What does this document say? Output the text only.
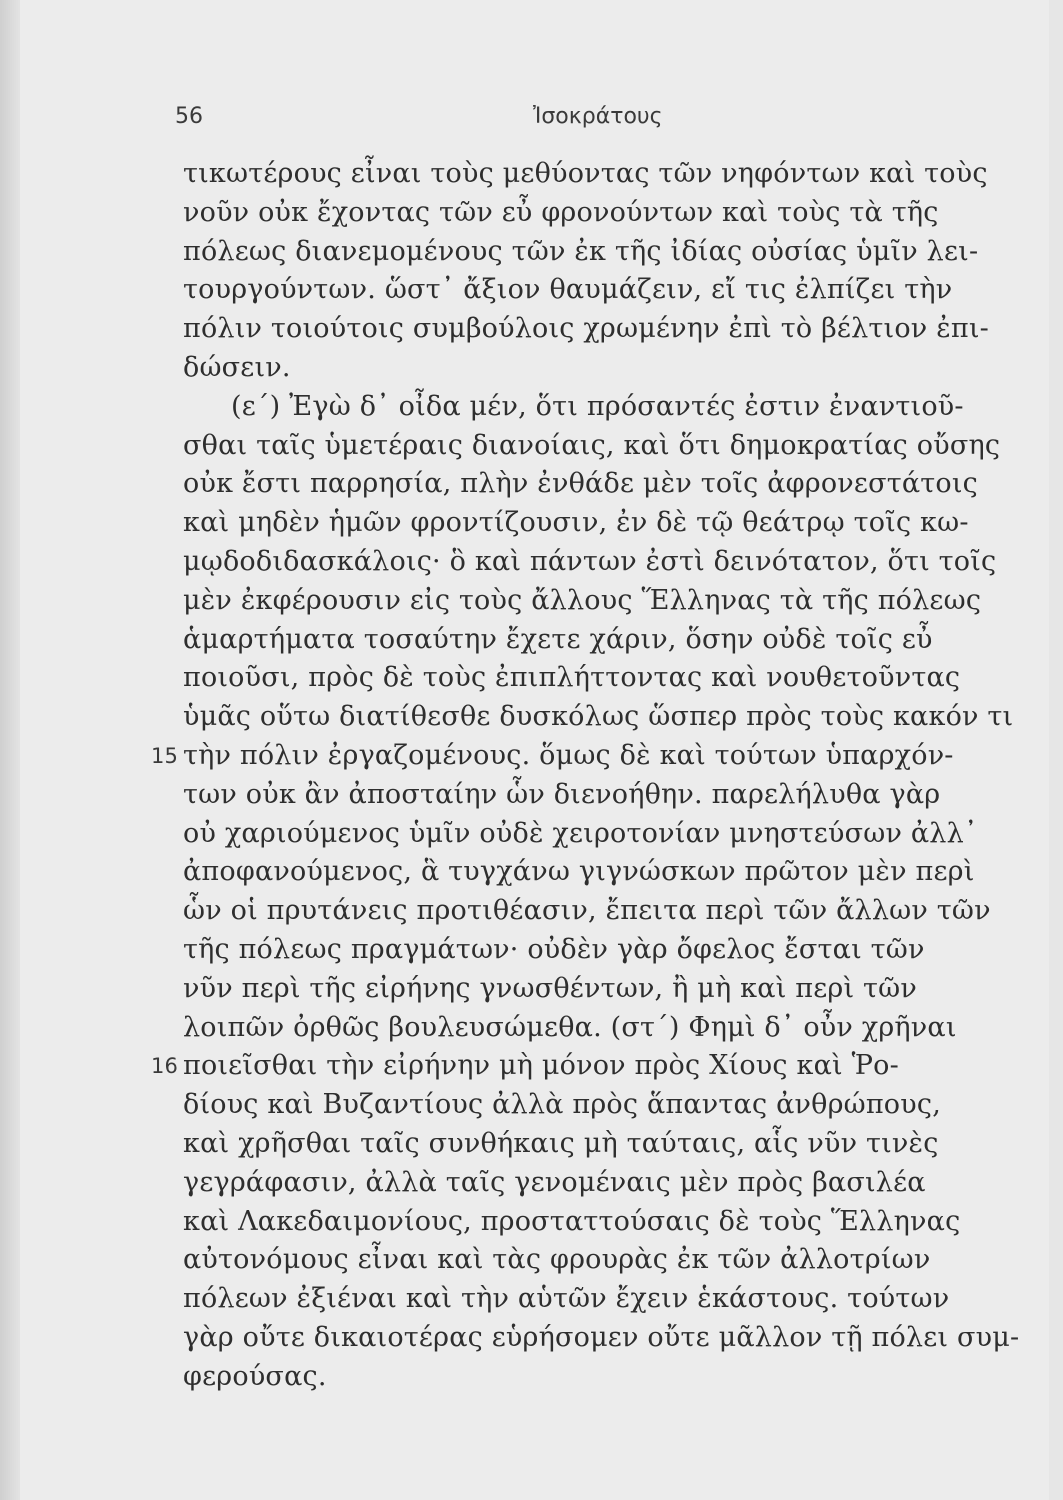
56	Ἰσοκράτους
τικωτέρους εἶναι τοὺς μεθύοντας τῶν νηφόντων καὶ τοὺς
νοῦν οὐκ ἔχοντας τῶν εὖ φρονούντων καὶ τοὺς τὰ τῆς
πόλεως διανεμομένους τῶν ἐκ τῆς ἰδίας οὐσίας ὑμῖν λει-
τουργούντων. ὥστ᾽ ἄξιον θαυμάζειν, εἴ τις ἐλπίζει τὴν
πόλιν τοιούτοις συμβούλοις χρωμένην ἐπὶ τὸ βέλτιον ἐπι-
δώσειν.
(ε΄) Ἐγὼ δ᾽ οἶδα μέν, ὅτι πρόσαντές ἐστιν ἐναντιοῦ-
σθαι ταῖς ὑμετέραις διανοίαις, καὶ ὅτι δημοκρατίας οὔσης
οὐκ ἔστι παρρησία, πλὴν ἐνθάδε μὲν τοῖς ἀφρονεστάτοις
καὶ μηδὲν ἡμῶν φροντίζουσιν, ἐν δὲ τῷ θεάτρῳ τοῖς κω-
μῳδοδιδασκάλοις· ὃ καὶ πάντων ἐστὶ δεινότατον, ὅτι τοῖς
μὲν ἐκφέρουσιν εἰς τοὺς ἄλλους Ἕλληνας τὰ τῆς πόλεως
ἁμαρτήματα τοσαύτην ἔχετε χάριν, ὅσην οὐδὲ τοῖς εὖ
ποιοῦσι, πρὸς δὲ τοὺς ἐπιπλήττοντας καὶ νουθετοῦντας
ὑμᾶς οὕτω διατίθεσθε δυσκόλως ὥσπερ πρὸς τοὺς κακόν τι
15 τὴν πόλιν ἐργαζομένους. ὅμως δὲ καὶ τούτων ὑπαρχόν-
των οὐκ ἂν ἀποσταίην ὧν διενοήθην. παρελήλυθα γὰρ
οὐ χαριούμενος ὑμῖν οὐδὲ χειροτονίαν μνηστεύσων ἀλλ᾽
ἀποφανούμενος, ἃ τυγχάνω γιγνώσκων πρῶτον μὲν περὶ
ὧν οἱ πρυτάνεις προτιθέασιν, ἔπειτα περὶ τῶν ἄλλων τῶν
τῆς πόλεως πραγμάτων· οὐδὲν γὰρ ὄφελος ἔσται τῶν
νῦν περὶ τῆς εἰρήνης γνωσθέντων, ἢ μὴ καὶ περὶ τῶν
λοιπῶν ὀρθῶς βουλευσώμεθα. (στ΄) Φημὶ δ᾽ οὖν χρῆναι
16 ποιεῖσθαι τὴν εἰρήνην μὴ μόνον πρὸς Χίους καὶ Ῥο-
δίους καὶ Βυζαντίους ἀλλὰ πρὸς ἅπαντας ἀνθρώπους,
καὶ χρῆσθαι ταῖς συνθήκαις μὴ ταύταις, αἷς νῦν τινὲς
γεγράφασιν, ἀλλὰ ταῖς γενομέναις μὲν πρὸς βασιλέα
καὶ Λακεδαιμονίους, προσταττούσαις δὲ τοὺς Ἕλληνας
αὐτονόμους εἶναι καὶ τὰς φρουρὰς ἐκ τῶν ἀλλοτρίων
πόλεων ἐξιέναι καὶ τὴν αὑτῶν ἔχειν ἑκάστους. τούτων
γὰρ οὔτε δικαιοτέρας εὑρήσομεν οὔτε μᾶλλον τῇ πόλει συμ-
φερούσας.
